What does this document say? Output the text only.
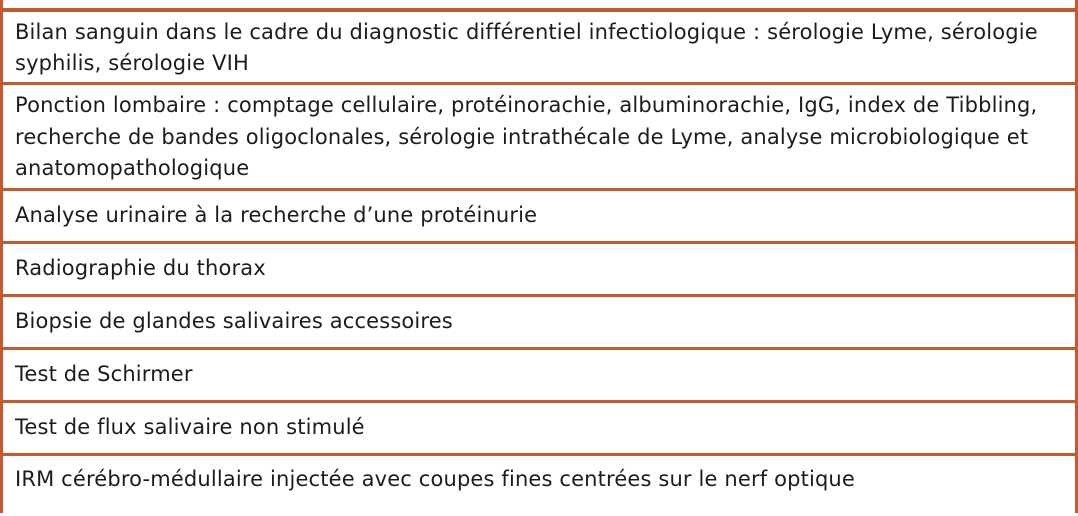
Bilan sanguin dans le cadre du diagnostic différentiel infectiologique : sérologie Lyme, sérologie syphilis, sérologie VIH
Ponction lombaire : comptage cellulaire, protéinorachie, albuminorachie, IgG, index de Tibbling, recherche de bandes oligoclonales, sérologie intrathécale de Lyme, analyse microbiologique et anatomopathologique
Analyse urinaire à la recherche d’une protéinurie
Radiographie du thorax
Biopsie de glandes salivaires accessoires
Test de Schirmer
Test de flux salivaire non stimulé
IRM cérébro-médullaire injectée avec coupes fines centrées sur le nerf optique
